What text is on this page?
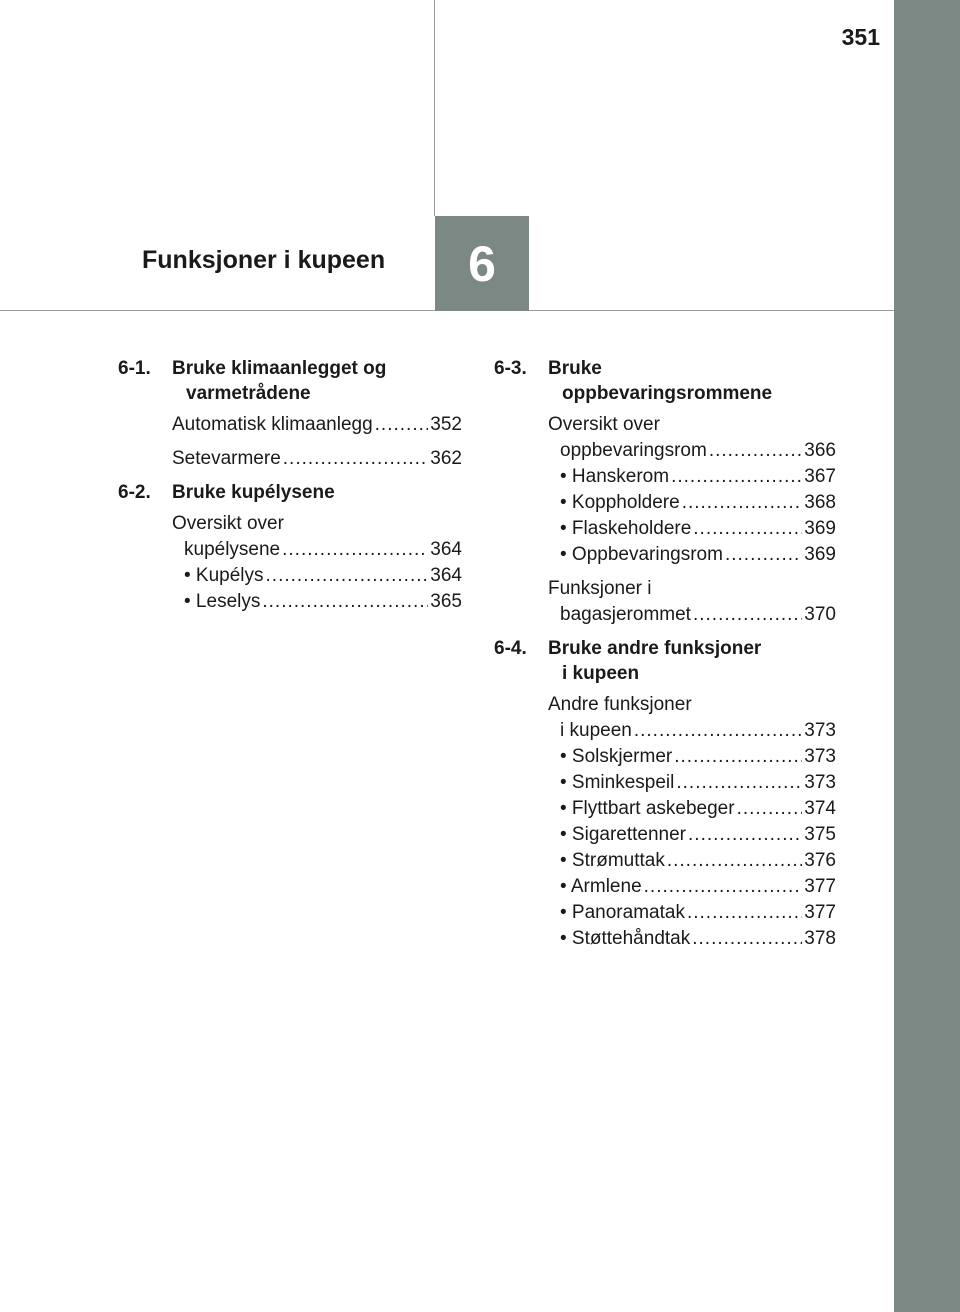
351
Funksjoner i kupeen 6
6-1.	Bruke klimaanlegget og
varmetrådene
Automatisk klimaanlegg .....	352
Setevarmere .....	362
6-2.	Bruke kupélysene
Oversikt over
kupélysene .....	364
• Kupélys .....	364
• Leselys .....	365
6-3.	Bruke
oppbevaringsrommene
Oversikt over
oppbevaringsrom .....	366
• Hanskerom .....	367
• Koppholdere .....	368
• Flaskeholdere .....	369
• Oppbevaringsrom .....	369
Funksjoner i
bagasjerommet .....	370
6-4.	Bruke andre funksjoner
i kupeen
Andre funksjoner
i kupeen .....	373
• Solskjermer .....	373
• Sminkespeil .....	373
• Flyttbart askebeger .....	374
• Sigarettenner .....	375
• Strømuttak .....	376
• Armlene .....	377
• Panoramatak .....	377
• Støttehåndtak .....	378
